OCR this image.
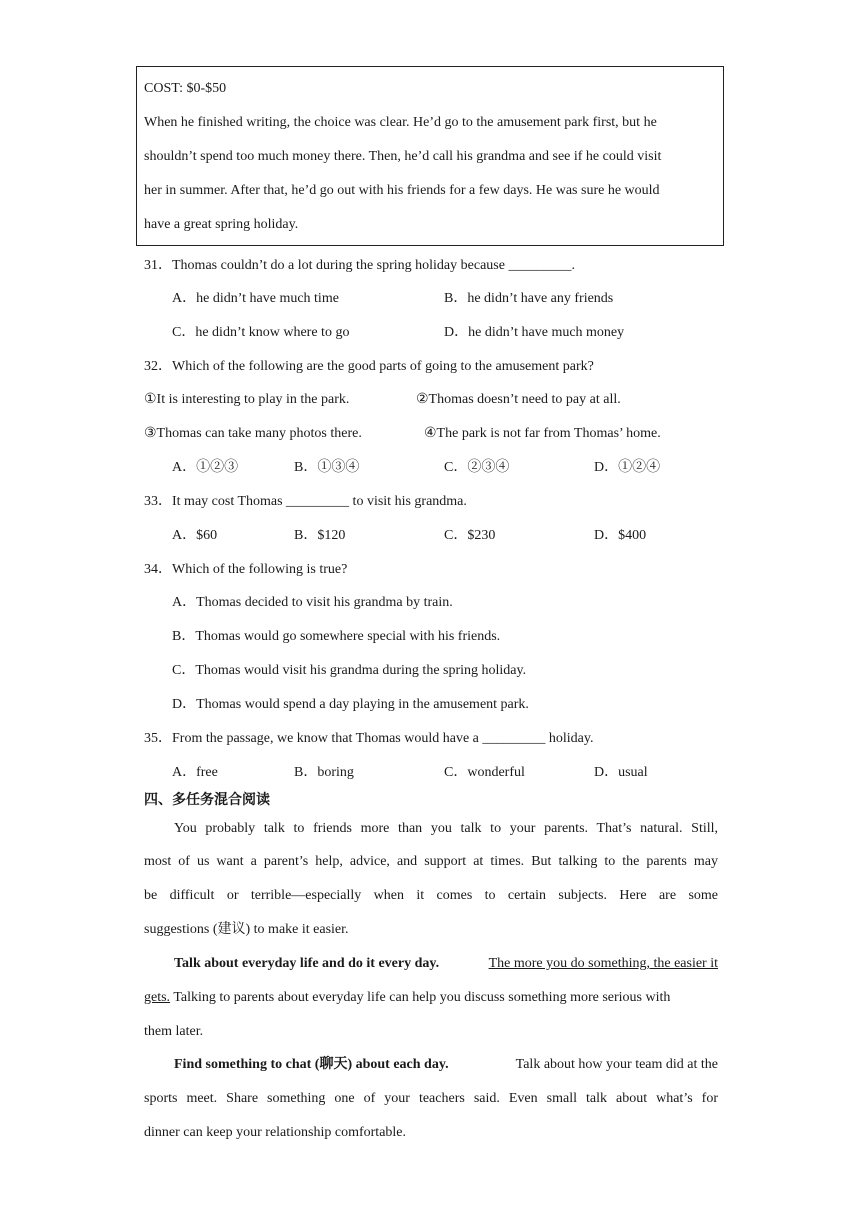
COST: $0-$50
When he finished writing, the choice was clear. He’d go to the amusement park first, but he
shouldn’t spend too much money there. Then, he’d call his grandma and see if he could visit
her in summer. After that, he’d go out with his friends for a few days. He was sure he would
have a great spring holiday.
31．Thomas couldn’t do a lot during the spring holiday because _________.
A．he didn’t have much time	B．he didn’t have any friends
C．he didn’t know where to go	D．he didn’t have much money
32．Which of the following are the good parts of going to the amusement park?
①It is interesting to play in the park.	②Thomas doesn’t need to pay at all.
③Thomas can take many photos there.	④The park is not far from Thomas’ home.
A．①②③	B．①③④	C．②③④	D．①②④
33．It may cost Thomas _________ to visit his grandma.
A．$60	B．$120	C．$230	D．$400
34．Which of the following is true?
A．Thomas decided to visit his grandma by train.
B．Thomas would go somewhere special with his friends.
C．Thomas would visit his grandma during the spring holiday.
D．Thomas would spend a day playing in the amusement park.
35．From the passage, we know that Thomas would have a _________ holiday.
A．free	B．boring	C．wonderful	D．usual
四、多任务混合阅读
You probably talk to friends more than you talk to your parents. That’s natural. Still,
most of us want a parent’s help, advice, and support at times. But talking to the parents may
be difficult or terrible—especially when it comes to certain subjects. Here are some
suggestions (建议) to make it easier.
Talk about everyday life and do it every day.	The more you do something, the easier it
gets. Talking to parents about everyday life can help you discuss something more serious with
them later.
Find something to chat (聊天) about each day.	Talk about how your team did at the
sports meet. Share something one of your teachers said. Even small talk about what’s for
dinner can keep your relationship comfortable.
